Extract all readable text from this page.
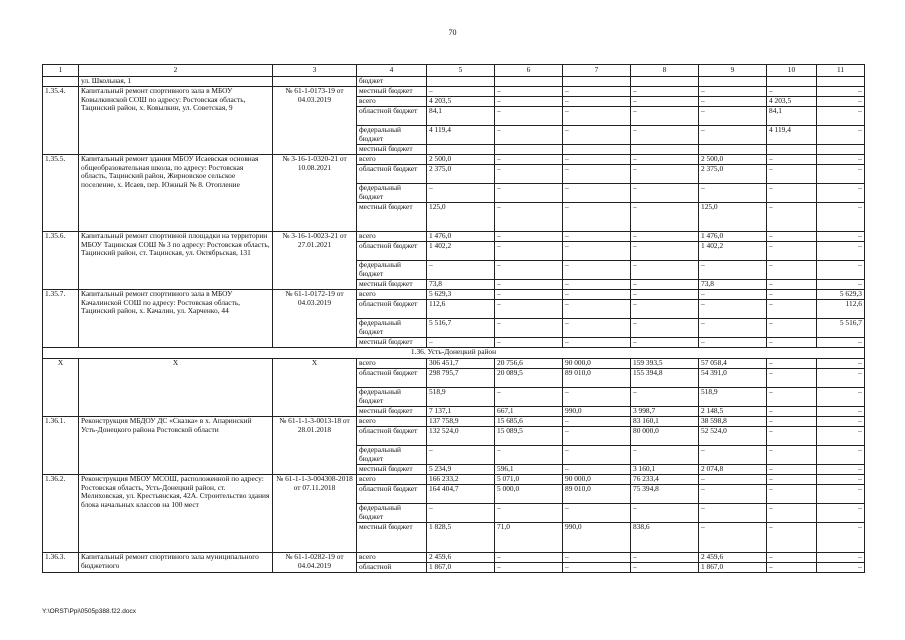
70
1	2	3	4	5	6	7	8	9	10	11
	ул. Школьная, 1		бюджет							
1.35.4.	Капитальный ремонт спортивного зала в МБОУ Ковылкинской СОШ по адресу: Ростовская область, Тацинский район, х. Ковылкин, ул. Советская, 9	№ 61-1-0173-19 от 04.03.2019	местный бюджет	–	–	–	–	–	–	–
			всего	4 203,5	–	–	–	–	4 203,5	–
			областной бюджет	84,1	–	–	–	–	84,1	–
			федеральный бюджет	4 119,4	–	–	–	–	4 119,4	–
			местный бюджет							
1.35.5.	Капитальный ремонт здания МБОУ Исаевская основная общеобразовательная школа, по адресу: Ростовская область, Тацинский район, Жирновское сельское поселение, х. Исаев, пер. Южный № 8. Отопление	№ 3-16-1-0320-21 от 10.08.2021	всего	2 500,0	–	–	–	2 500,0	–	–
			областной бюджет	2 375,0	–	–	–	2 375,0	–	–
			федеральный бюджет	–	–	–	–	–	–	–
			местный бюджет	125,0	–	–	–	125,0	–	–
1.35.6.	Капитальный ремонт спортивной площадки на территории МБОУ Тацинская СОШ № 3 по адресу: Ростовская область, Тацинский район, ст. Тацинская, ул. Октябрьская, 131	№ 3-16-1-0023-21 от 27.01.2021	всего	1 476,0	–	–	–	1 476,0	–	–
			областной бюджет	1 402,2	–	–	–	1 402,2	–	–
			федеральный бюджет	–	–	–	–	–	–	–
			местный бюджет	73,8	–	–	–	73,8	–	–
1.35.7.	Капитальный ремонт спортивного зала в МБОУ Качалинской СОШ по адресу: Ростовская область, Тацинский район, х. Качалин, ул. Харченко, 44	№ 61-1-0172-19 от 04.03.2019	всего	5 629,3	–	–	–	–	–	5 629,3
			областной бюджет	112,6	–	–	–	–	–	112,6
			федеральный бюджет	5 516,7	–	–	–	–	–	5 516,7
			местный бюджет	–	–	–	–	–	–	–
1.36. Усть-Донецкий район										
X	X	X	всего	306 451,7	20 756,6	90 000,0	159 393,5	57 058,4	–	–
			областной бюджет	298 795,7	20 089,5	89 010,0	155 394,8	54 391,0	–	–
			федеральный бюджет	518,9	–	–	–	518,9	–	–
			местный бюджет	7 137,1	667,1	990,0	3 998,7	2 148,5	–	–
1.36.1.	Реконструкция МБДОУ ДС «Сказка» в х. Апаринский Усть-Донецкого района Ростовской области	№ 61-1-1-3-0013-18 от 28.01.2018	всего	137 758,9	15 685,6	–	83 160,1	38 598,8	–	–
			областной бюджет	132 524,0	15 089,5	–	80 000,0	52 524,0	–	–
			федеральный бюджет	–	–	–	–	–	–	–
			местный бюджет	5 234,9	596,1	–	3 160,1	2 074,8	–	–
1.36.2.	Реконструкция МБОУ МСОШ, расположенной по адресу: Ростовская область, Усть-Донецкий район, ст. Мелиховская, ул. Крестьянская, 42А. Строительство здания блока начальных классов на 100 мест	№ 61-1-1-3-004308-2018 от 07.11.2018	всего	166 233,2	5 071,0	90 000,0	76 233,4	–	–	–
			областной бюджет	164 404,7	5 000,0	89 010,0	75 394,8	–	–	–
			федеральный бюджет	–	–	–	–	–	–	–
			местный бюджет	1 828,5	71,0	990,0	838,6	–	–	–
1.36.3.	Капитальный ремонт спортивного зала муниципального бюджетного	№ 61-1-0282-19 от 04.04.2019	всего	2 459,6	–	–	–	2 459,6	–	–
			областной	1 867,0	–	–	–	1 867,0	–	–
Y:\ORST\Ppi\0505p388.f22.docx
